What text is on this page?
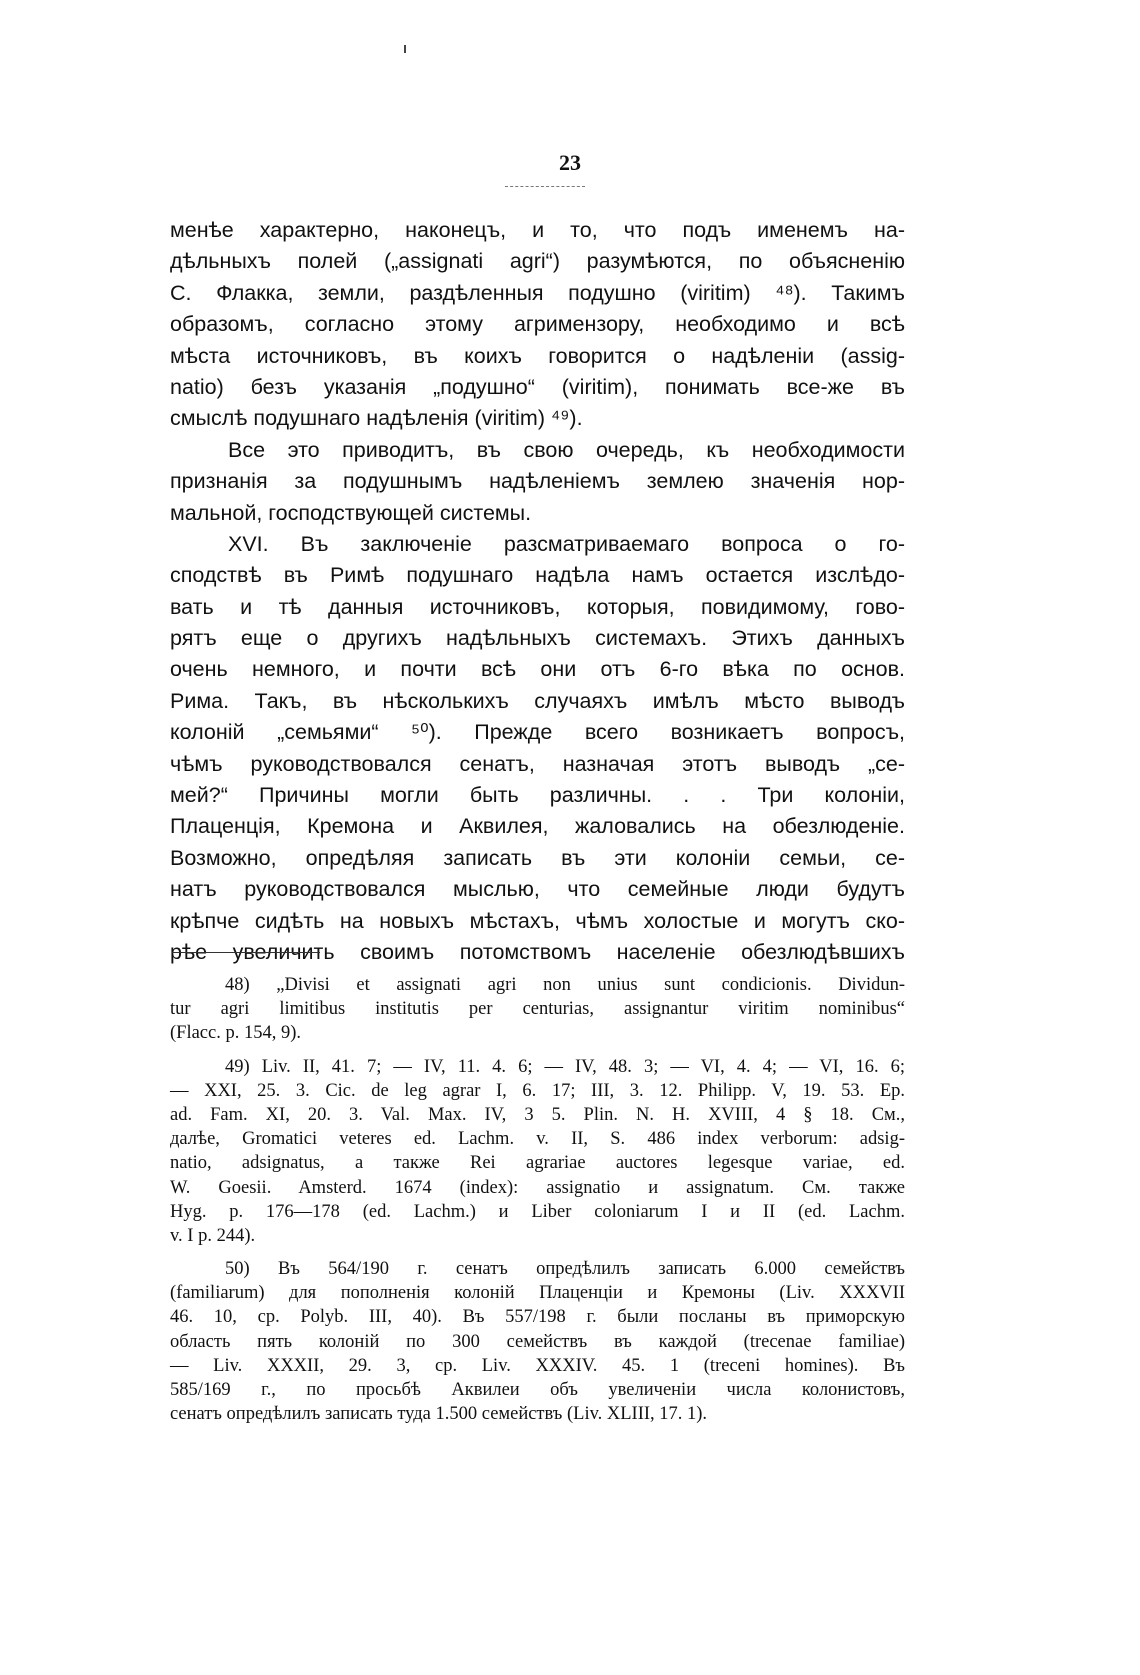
23
менѣе характерно, наконецъ, и то, что подъ именемъ на-
дѣльныхъ полей („assignati agri“) разумѣются, по объясненію
С. Флакка, земли, раздѣленныя подушно (viritim) ⁴⁸). Такимъ
образомъ, согласно этому агримензору, необходимо и всѣ
мѣста источниковъ, въ коихъ говорится о надѣленіи (assig-
natio) безъ указанія „подушно“ (viritim), понимать все-же въ
смыслѣ подушнаго надѣленія (viritim) ⁴⁹).
Все это приводитъ, въ свою очередь, къ необходимости
признанія за подушнымъ надѣленіемъ землею значенія нор-
мальной, господствующей системы.
XVI. Въ заключеніе разсматриваемаго вопроса о го-
сподствѣ въ Римѣ подушнаго надѣла намъ остается изслѣдо-
вать и тѣ данныя источниковъ, которыя, повидимому, гово-
рятъ еще о другихъ надѣльныхъ системахъ. Этихъ данныхъ
очень немного, и почти всѣ они отъ 6-го вѣка по основ.
Рима. Такъ, въ нѣсколькихъ случаяхъ имѣлъ мѣсто выводъ
колоній „семьями“ ⁵⁰). Прежде всего возникаетъ вопросъ,
чѣмъ руководствовался сенатъ, назначая этотъ выводъ „се-
мей?“ Причины могли быть различны. . . Три колоніи,
Плаценція, Кремона и Аквилея, жаловались на обезлюденіе.
Возможно, опредѣляя записать въ эти колоніи семьи, се-
натъ руководствовался мыслью, что семейные люди будутъ
крѣпче сидѣть на новыхъ мѣстахъ, чѣмъ холостые и могутъ ско-
рѣе увеличить своимъ потомствомъ населеніе обезлюдѣвшихъ
48) „Divisi et assignati agri non unius sunt condicionis. Dividun-
tur agri limitibus institutis per centurias, assignantur viritim nominibus“
(Flacc. p. 154, 9).
49) Liv. II, 41. 7; — IV, 11. 4. 6; — IV, 48. 3; — VI, 4. 4; — VI, 16. 6;
— XXI, 25. 3. Cic. de leg agrar I, 6. 17; III, 3. 12. Philipp. V, 19. 53. Ep.
ad. Fam. XI, 20. 3. Val. Max. IV, 3 5. Plin. N. H. XVIII, 4 § 18. См.,
далѣе, Gromatici veteres ed. Lachm. v. II, S. 486 index verborum: adsig-
natio, adsignatus, а также Rei agrariae auctores legesque variae, ed.
W. Goesii. Amsterd. 1674 (index): assignatio и assignatum. См. также
Hyg. p. 176—178 (ed. Lachm.) и Liber coloniarum I и II (ed. Lachm.
v. I p. 244).
50) Въ 564/190 г. сенатъ опредѣлилъ записать 6.000 семействъ
(familiarum) для пополненія колоній Плаценціи и Кремоны (Liv. XXXVII
46. 10, cp. Polyb. III, 40). Въ 557/198 г. были посланы въ приморскую
область пять колоній по 300 семействъ въ каждой (trecenae familiae)
— Liv. XXXII, 29. 3, cp. Liv. XXXIV. 45. 1 (treceni homines). Въ
585/169 г., по просьбѣ Аквилеи объ увеличеніи числа колонистовъ,
сенатъ опредѣлилъ записать туда 1.500 семействъ (Liv. XLIII, 17. 1).
